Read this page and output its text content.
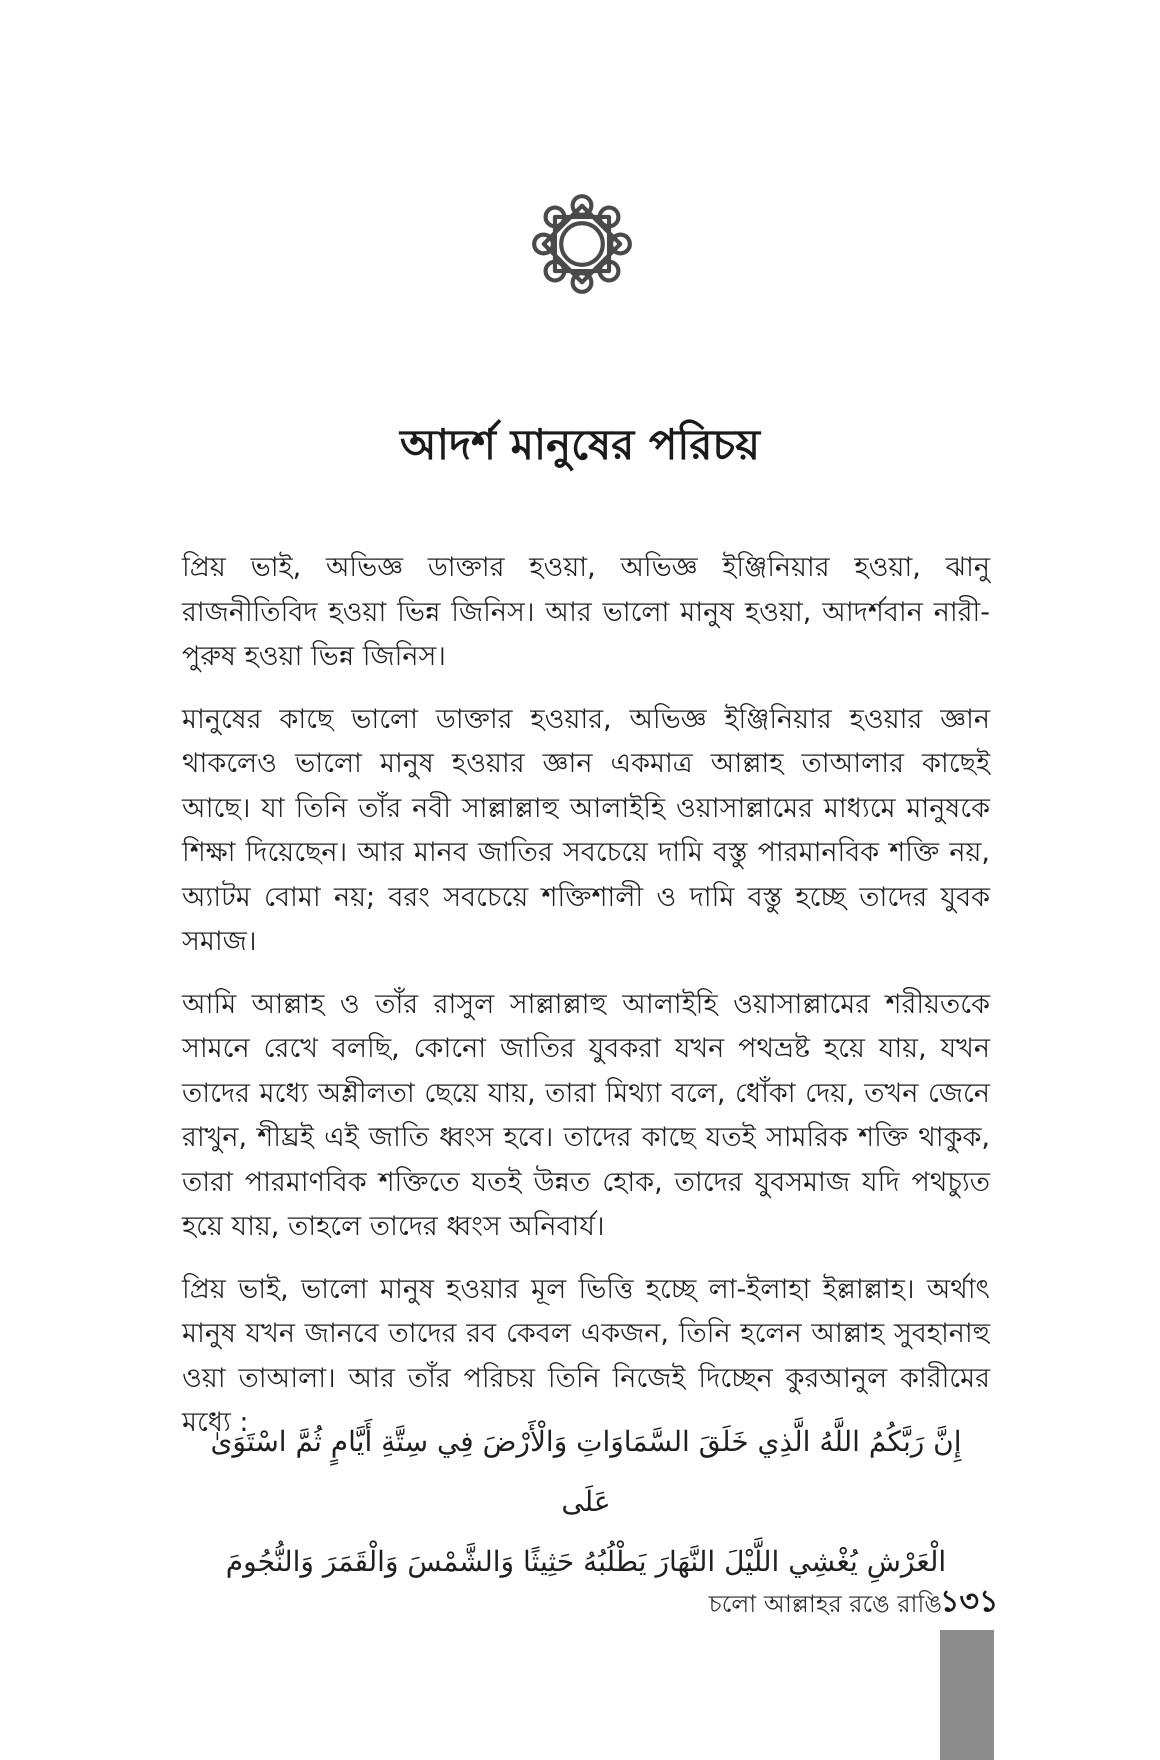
আদর্শ মানুষের পরিচয়

প্রিয় ভাই, অভিজ্ঞ ডাক্তার হওয়া, অভিজ্ঞ ইঞ্জিনিয়ার হওয়া, ঝানু রাজনীতিবিদ হওয়া ভিন্ন জিনিস। আর ভালো মানুষ হওয়া, আদর্শবান নারী-পুরুষ হওয়া ভিন্ন জিনিস।

মানুষের কাছে ভালো ডাক্তার হওয়ার, অভিজ্ঞ ইঞ্জিনিয়ার হওয়ার জ্ঞান থাকলেও ভালো মানুষ হওয়ার জ্ঞান একমাত্র আল্লাহ তাআলার কাছেই আছে। যা তিনি তাঁর নবী সাল্লাল্লাহু আলাইহি ওয়াসাল্লামের মাধ্যমে মানুষকে শিক্ষা দিয়েছেন। আর মানব জাতির সবচেয়ে দামি বস্তু পারমানবিক শক্তি নয়, অ্যাটম বোমা নয়; বরং সবচেয়ে শক্তিশালী ও দামি বস্তু হচ্ছে তাদের যুবক সমাজ।

আমি আল্লাহ ও তাঁর রাসুল সাল্লাল্লাহু আলাইহি ওয়াসাল্লামের শরীয়তকে সামনে রেখে বলছি, কোনো জাতির যুবকরা যখন পথভ্রষ্ট হয়ে যায়, যখন তাদের মধ্যে অশ্লীলতা ছেয়ে যায়, তারা মিথ্যা বলে, ধোঁকা দেয়, তখন জেনে রাখুন, শীঘ্রই এই জাতি ধ্বংস হবে। তাদের কাছে যতই সামরিক শক্তি থাকুক, তারা পারমাণবিক শক্তিতে যতই উন্নত হোক, তাদের যুবসমাজ যদি পথচ্যুত হয়ে যায়, তাহলে তাদের ধ্বংস অনিবার্য।

প্রিয় ভাই, ভালো মানুষ হওয়ার মূল ভিত্তি হচ্ছে লা-ইলাহা ইল্লাল্লাহ। অর্থাৎ মানুষ যখন জানবে তাদের রব কেবল একজন, তিনি হলেন আল্লাহ সুবহানাহু ওয়া তাআলা। আর তাঁর পরিচয় তিনি নিজেই দিচ্ছেন কুরআনুল কারীমের মধ্যে :

إِنَّ رَبَّكُمُ اللَّهُ الَّذِي خَلَقَ السَّمَاوَاتِ وَالْأَرْضَ فِي سِتَّةِ أَيَّامٍ ثُمَّ اسْتَوَىٰ عَلَى
الْعَرْشِ يُغْشِي اللَّيْلَ النَّهَارَ يَطْلُبُهُ حَثِيثًا وَالشَّمْسَ وَالْقَمَرَ وَالنُّجُومَ
চলো আল্লাহর রঙে রাঙি
১৩১
